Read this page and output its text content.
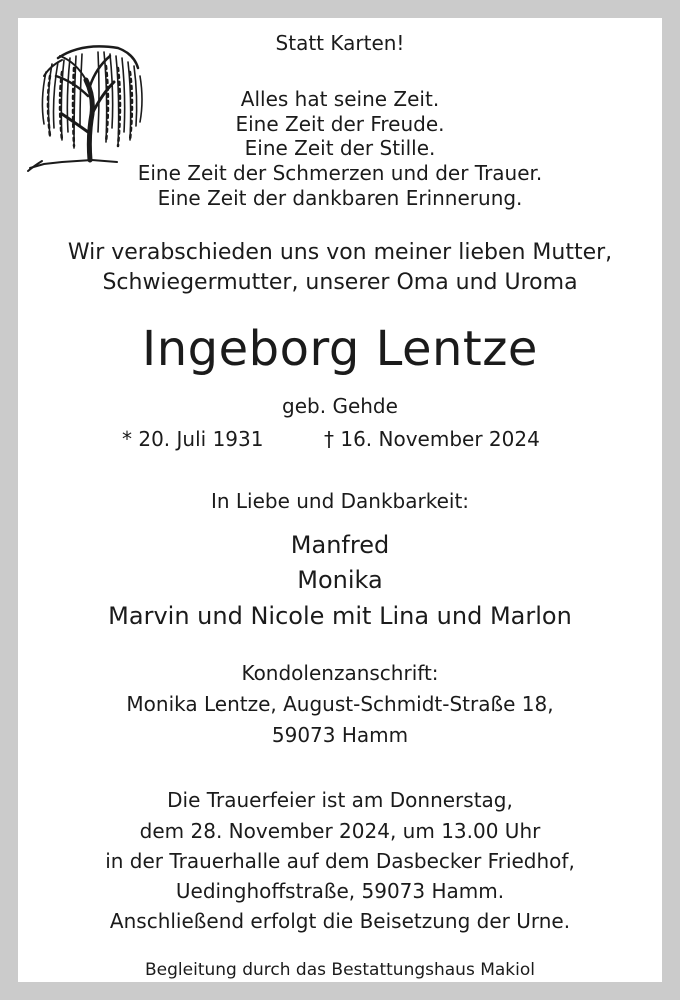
Statt Karten!
Alles hat seine Zeit.
Eine Zeit der Freude.
Eine Zeit der Stille.
Eine Zeit der Schmerzen und der Trauer.
Eine Zeit der dankbaren Erinnerung.
Wir verabschieden uns von meiner lieben Mutter,
Schwiegermutter, unserer Oma und Uroma
Ingeborg Lentze
geb. Gehde
* 20. Juli 1931	† 16. November 2024
In Liebe und Dankbarkeit:
Manfred
Monika
Marvin und Nicole mit Lina und Marlon
Kondolenzanschrift:
Monika Lentze, August-Schmidt-Straße 18,
59073 Hamm
Die Trauerfeier ist am Donnerstag,
dem 28. November 2024, um 13.00 Uhr
in der Trauerhalle auf dem Dasbecker Friedhof,
Uedinghoffstraße, 59073 Hamm.
Anschließend erfolgt die Beisetzung der Urne.
Begleitung durch das Bestattungshaus Makiol
